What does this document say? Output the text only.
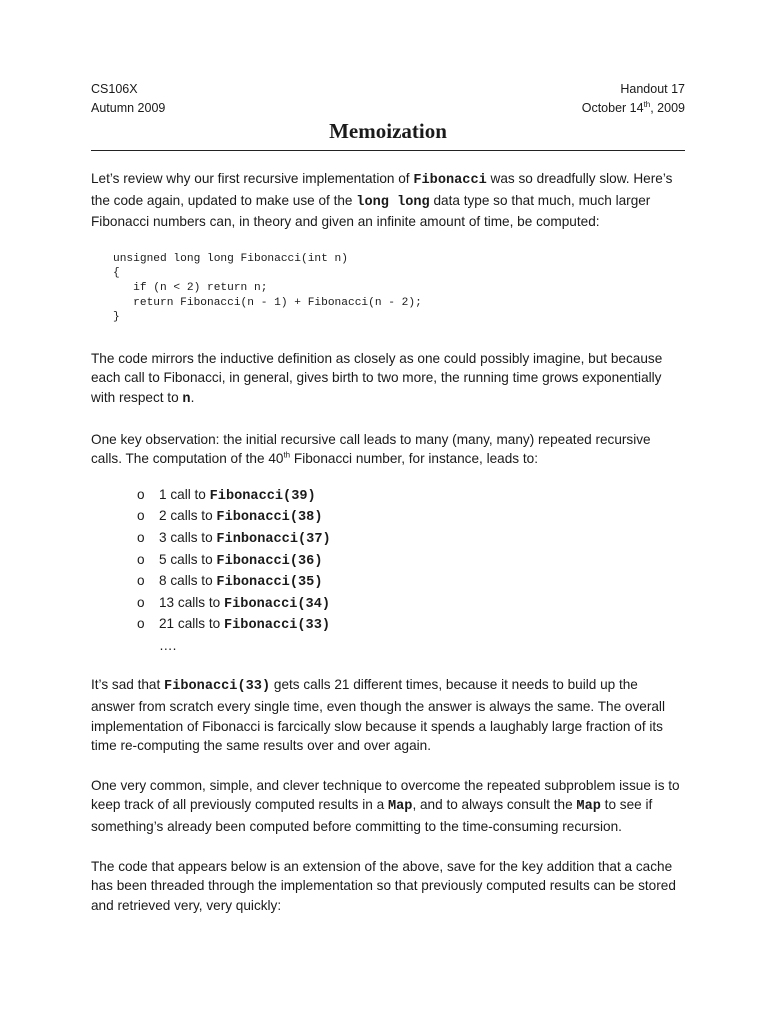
CS106X	Handout 17
Autumn 2009	October 14th, 2009
Memoization

Let’s review why our first recursive implementation of Fibonacci was so dreadfully slow. Here’s the code again, updated to make use of the long long data type so that much, much larger Fibonacci numbers can, in theory and given an infinite amount of time, be computed:

unsigned long long Fibonacci(int n)
{
if (n < 2) return n;
return Fibonacci(n - 1) + Fibonacci(n - 2);
}

The code mirrors the inductive definition as closely as one could possibly imagine, but because each call to Fibonacci, in general, gives birth to two more, the running time grows exponentially with respect to n.

One key observation: the initial recursive call leads to many (many, many) repeated recursive calls. The computation of the 40th Fibonacci number, for instance, leads to:

o 1 call to Fibonacci(39)
o 2 calls to Fibonacci(38)
o 3 calls to Finbonacci(37)
o 5 calls to Fibonacci(36)
o 8 calls to Fibonacci(35)
o 13 calls to Fibonacci(34)
o 21 calls to Fibonacci(33)
….

It’s sad that Fibonacci(33) gets calls 21 different times, because it needs to build up the answer from scratch every single time, even though the answer is always the same. The overall implementation of Fibonacci is farcically slow because it spends a laughably large fraction of its time re-computing the same results over and over again.

One very common, simple, and clever technique to overcome the repeated subproblem issue is to keep track of all previously computed results in a Map, and to always consult the Map to see if something’s already been computed before committing to the time-consuming recursion.

The code that appears below is an extension of the above, save for the key addition that a cache has been threaded through the implementation so that previously computed results can be stored and retrieved very, very quickly:
